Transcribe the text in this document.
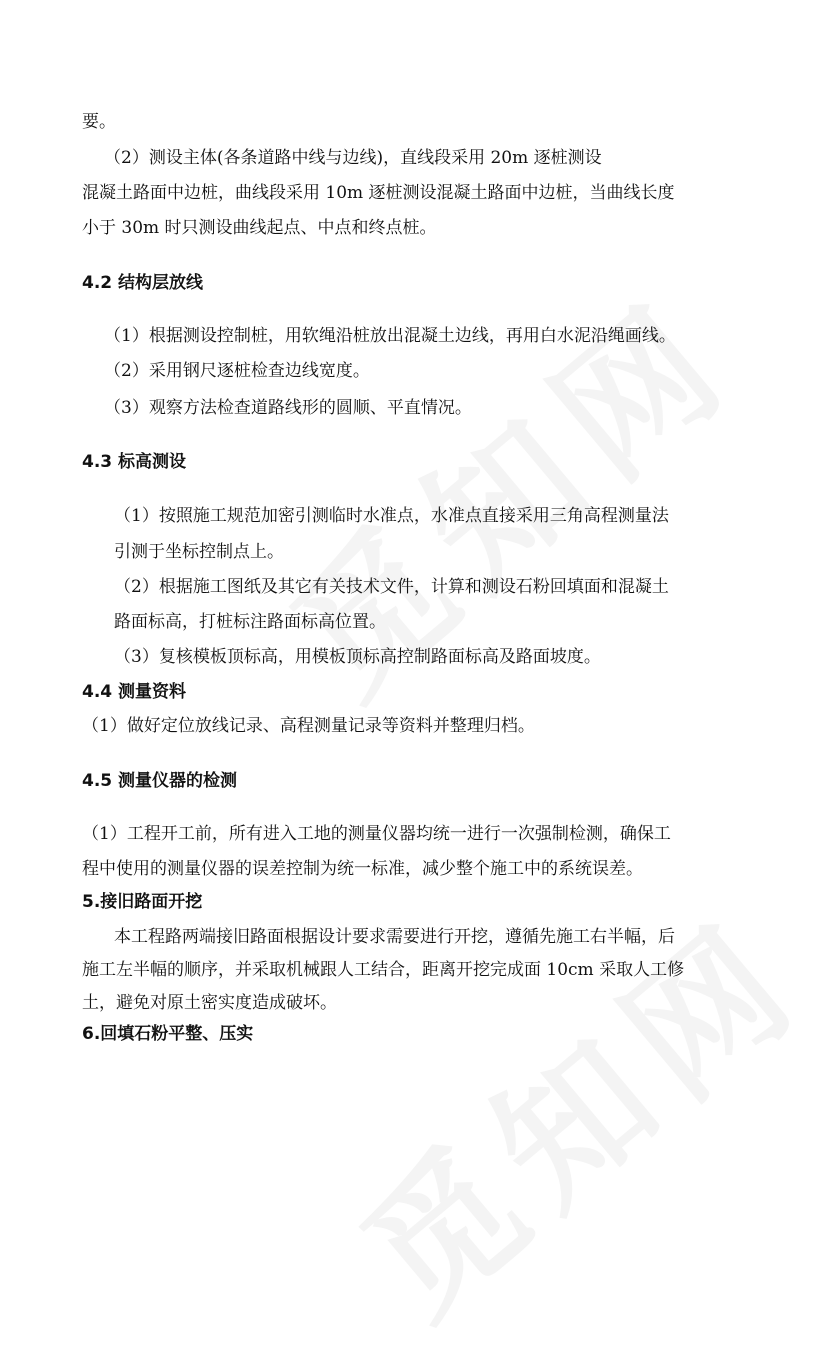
要。
（2）测设主体(各条道路中线与边线)，直线段采用 20m 逐桩测设
混凝土路面中边桩，曲线段采用 10m 逐桩测设混凝土路面中边桩，当曲线长度
小于 30m 时只测设曲线起点、中点和终点桩。
4.2 结构层放线
（1）根据测设控制桩，用软绳沿桩放出混凝土边线，再用白水泥沿绳画线。
（2）采用钢尺逐桩检查边线宽度。
（3）观察方法检查道路线形的圆顺、平直情况。
4.3 标高测设
（1）按照施工规范加密引测临时水准点，水准点直接采用三角高程测量法
引测于坐标控制点上。
（2）根据施工图纸及其它有关技术文件，计算和测设石粉回填面和混凝土
路面标高，打桩标注路面标高位置。
（3）复核模板顶标高，用模板顶标高控制路面标高及路面坡度。
4.4 测量资料
（1）做好定位放线记录、高程测量记录等资料并整理归档。
4.5 测量仪器的检测
（1）工程开工前，所有进入工地的测量仪器均统一进行一次强制检测，确保工
程中使用的测量仪器的误差控制为统一标准，减少整个施工中的系统误差。
5.接旧路面开挖
本工程路两端接旧路面根据设计要求需要进行开挖，遵循先施工右半幅，后
施工左半幅的顺序，并采取机械跟人工结合，距离开挖完成面 10cm 采取人工修
土，避免对原土密实度造成破坏。
6.回填石粉平整、压实
